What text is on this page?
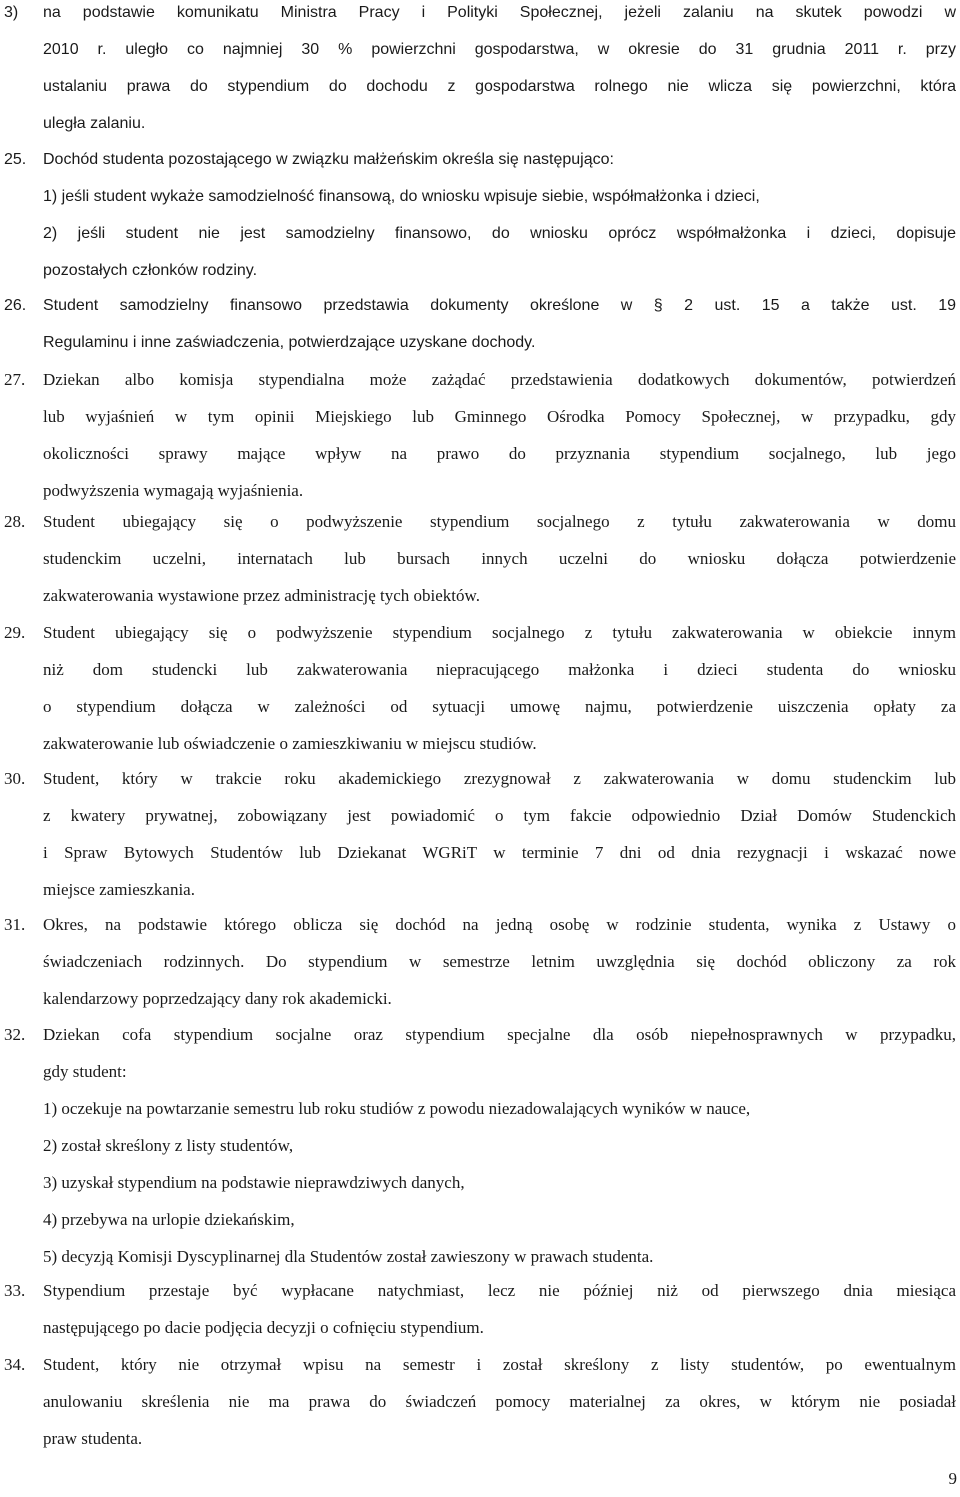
3) na podstawie komunikatu Ministra Pracy i Polityki Społecznej, jeżeli zalaniu na skutek powodzi w
2010 r. uległo co najmniej 30 % powierzchni gospodarstwa, w okresie do 31 grudnia 2011 r. przy
ustalaniu prawa do stypendium do dochodu z gospodarstwa rolnego nie wlicza się powierzchni, która
uległa zalaniu.
25. Dochód studenta pozostającego w związku małżeńskim określa się następująco:
1) jeśli student wykaże samodzielność finansową, do wniosku wpisuje siebie, współmałżonka i dzieci,
2) jeśli student nie jest samodzielny finansowo, do wniosku oprócz współmałżonka i dzieci, dopisuje
pozostałych członków rodziny.
26. Student samodzielny finansowo przedstawia dokumenty określone w § 2 ust. 15 a także ust. 19
Regulaminu i inne zaświadczenia, potwierdzające uzyskane dochody.
27. Dziekan albo komisja stypendialna może zażądać przedstawienia dodatkowych dokumentów, potwierdzeń
lub wyjaśnień w tym opinii Miejskiego lub Gminnego Ośrodka Pomocy Społecznej, w przypadku, gdy
okoliczności sprawy mające wpływ na prawo do przyznania stypendium socjalnego, lub jego
podwyższenia wymagają wyjaśnienia.
28. Student ubiegający się o podwyższenie stypendium socjalnego z tytułu zakwaterowania w domu
studenckim uczelni, internatach lub bursach innych uczelni do wniosku dołącza potwierdzenie
zakwaterowania wystawione przez administrację tych obiektów.
29. Student ubiegający się o podwyższenie stypendium socjalnego z tytułu zakwaterowania w obiekcie innym
niż dom studencki lub zakwaterowania niepracującego małżonka i dzieci studenta do wniosku
o stypendium dołącza w zależności od sytuacji umowę najmu, potwierdzenie uiszczenia opłaty za
zakwaterowanie lub oświadczenie o zamieszkiwaniu w miejscu studiów.
30. Student, który w trakcie roku akademickiego zrezygnował z zakwaterowania w domu studenckim lub
z kwatery prywatnej, zobowiązany jest powiadomić o tym fakcie odpowiednio Dział Domów Studenckich
i Spraw Bytowych Studentów lub Dziekanat WGRiT w terminie 7 dni od dnia rezygnacji i wskazać nowe
miejsce zamieszkania.
31. Okres, na podstawie którego oblicza się dochód na jedną osobę w rodzinie studenta, wynika z Ustawy o
świadczeniach rodzinnych. Do stypendium w semestrze letnim uwzględnia się dochód obliczony za rok
kalendarzowy poprzedzający dany rok akademicki.
32. Dziekan cofa stypendium socjalne oraz stypendium specjalne dla osób niepełnosprawnych w przypadku,
gdy student:
1) oczekuje na powtarzanie semestru lub roku studiów z powodu niezadowalających wyników w nauce,
2) został skreślony z listy studentów,
3) uzyskał stypendium na podstawie nieprawdziwych danych,
4) przebywa na urlopie dziekańskim,
5) decyzją Komisji Dyscyplinarnej dla Studentów został zawieszony w prawach studenta.
33. Stypendium przestaje być wypłacane natychmiast, lecz nie później niż od pierwszego dnia miesiąca
następującego po dacie podjęcia decyzji o cofnięciu stypendium.
34. Student, który nie otrzymał wpisu na semestr i został skreślony z listy studentów, po ewentualnym
anulowaniu skreślenia nie ma prawa do świadczeń pomocy materialnej za okres, w którym nie posiadał
praw studenta.
9
